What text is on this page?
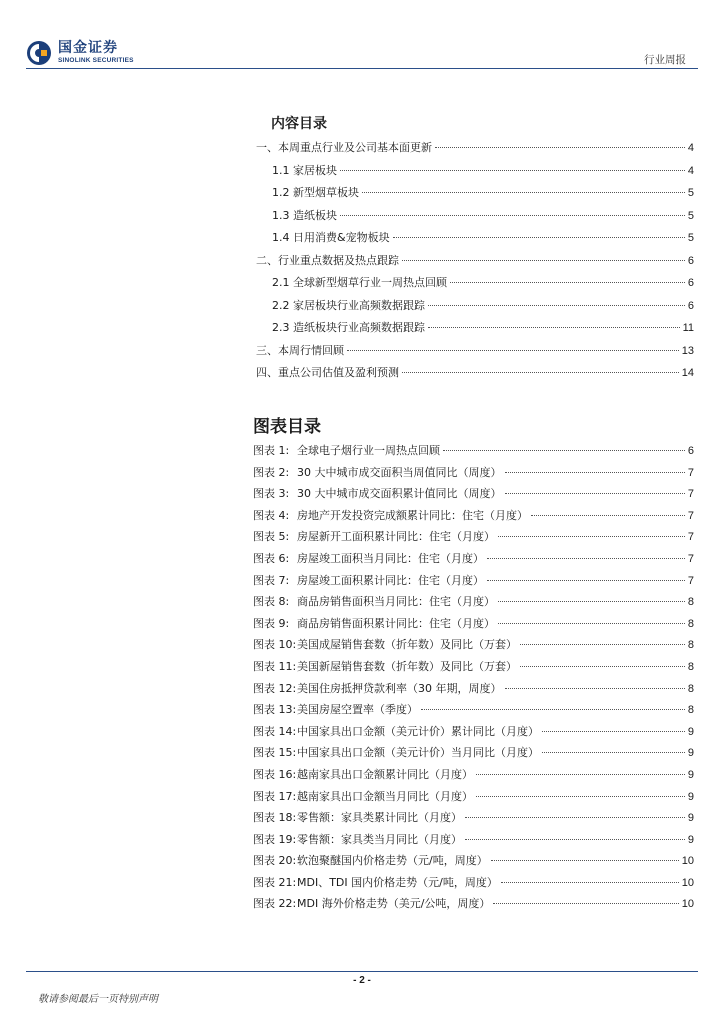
国金证券
SINOLINK SECURITIES	行业周报
内容目录
一、本周重点行业及公司基本面更新	4
1.1 家居板块	4
1.2 新型烟草板块	5
1.3 造纸板块	5
1.4 日用消费&宠物板块	5
二、行业重点数据及热点跟踪	6
2.1 全球新型烟草行业一周热点回顾	6
2.2 家居板块行业高频数据跟踪	6
2.3 造纸板块行业高频数据跟踪	11
三、本周行情回顾	13
四、重点公司估值及盈利预测	14
图表目录
图表 1: 全球电子烟行业一周热点回顾	6
图表 2: 30 大中城市成交面积当周值同比（周度）	7
图表 3: 30 大中城市成交面积累计值同比（周度）	7
图表 4: 房地产开发投资完成额累计同比：住宅（月度）	7
图表 5: 房屋新开工面积累计同比：住宅（月度）	7
图表 6: 房屋竣工面积当月同比：住宅（月度）	7
图表 7: 房屋竣工面积累计同比：住宅（月度）	7
图表 8: 商品房销售面积当月同比：住宅（月度）	8
图表 9: 商品房销售面积累计同比：住宅（月度）	8
图表 10: 美国成屋销售套数（折年数）及同比（万套）	8
图表 11: 美国新屋销售套数（折年数）及同比（万套）	8
图表 12: 美国住房抵押贷款利率（30 年期，周度）	8
图表 13: 美国房屋空置率（季度）	8
图表 14: 中国家具出口金额（美元计价）累计同比（月度）	9
图表 15: 中国家具出口金额（美元计价）当月同比（月度）	9
图表 16: 越南家具出口金额累计同比（月度）	9
图表 17: 越南家具出口金额当月同比（月度）	9
图表 18: 零售额：家具类累计同比（月度）	9
图表 19: 零售额：家具类当月同比（月度）	9
图表 20: 软泡聚醚国内价格走势（元/吨，周度）	10
图表 21: MDI、TDI 国内价格走势（元/吨，周度）	10
图表 22: MDI 海外价格走势（美元/公吨，周度）	10
- 2 -
敬请参阅最后一页特别声明
